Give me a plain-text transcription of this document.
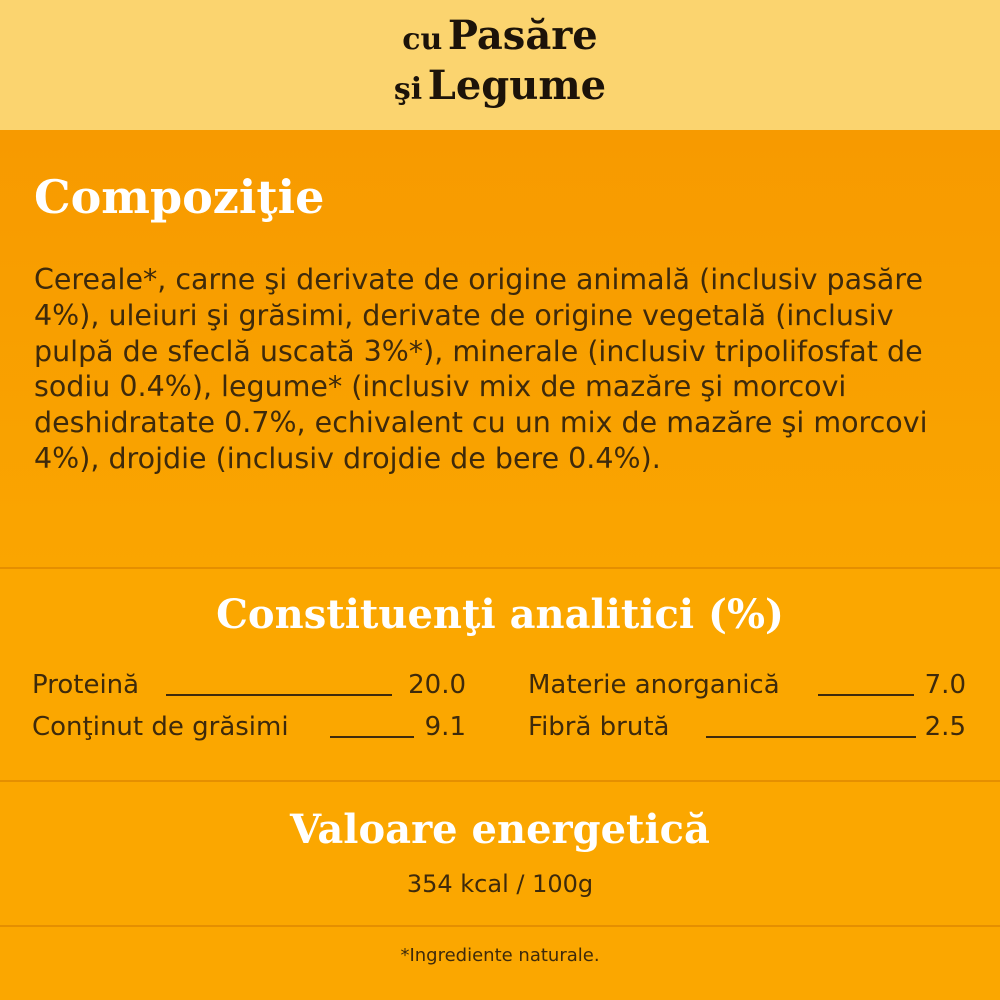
cu Pasăre
şi Legume
Compoziţie

Cereale*, carne şi derivate de origine animală (inclusiv pasăre 4%), uleiuri şi grăsimi, derivate de origine vegetală (inclusiv pulpă de sfeclă uscată 3%*), minerale (inclusiv tripolifosfat de sodiu 0.4%), legume* (inclusiv mix de mazăre şi morcovi deshidratate 0.7%, echivalent cu un mix de mazăre şi morcovi 4%), drojdie (inclusiv drojdie de bere 0.4%).

Constituenţi analitici (%)
Proteină	20.0
Conţinut de grăsimi	9.1
Materie anorganică	7.0
Fibră brută	2.5
Valoare energetică
354 kcal / 100g
*Ingrediente naturale.
